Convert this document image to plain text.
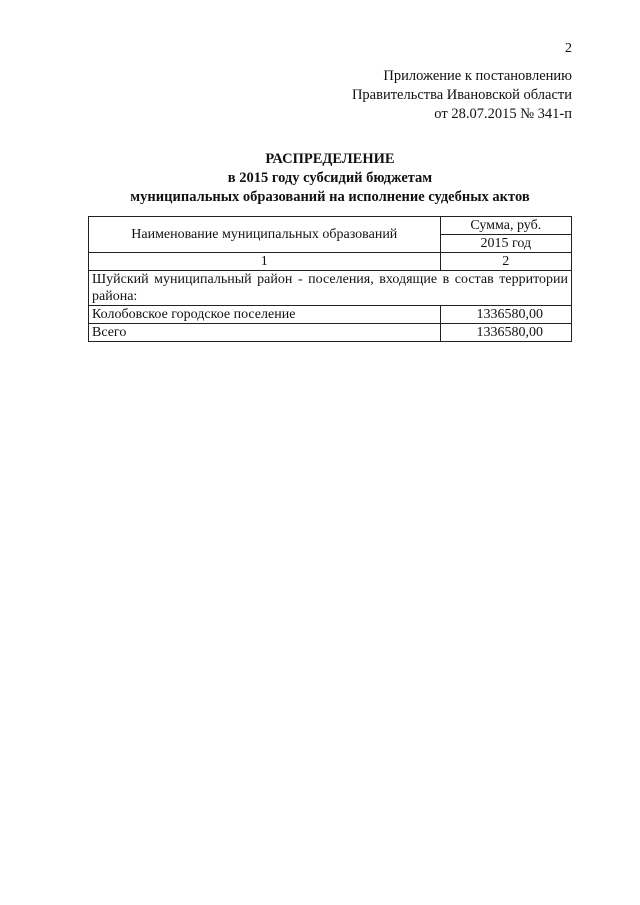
2
Приложение к постановлению
Правительства Ивановской области
от 28.07.2015 № 341-п
РАСПРЕДЕЛЕНИЕ
в 2015 году субсидий бюджетам
муниципальных образований на исполнение судебных актов
Наименование муниципальных образований	Сумма, руб.
	2015 год
1	2
Шуйский муниципальный район - поселения, входящие в состав территории района:	
Колобовское городское поселение	1336580,00
Всего	1336580,00
